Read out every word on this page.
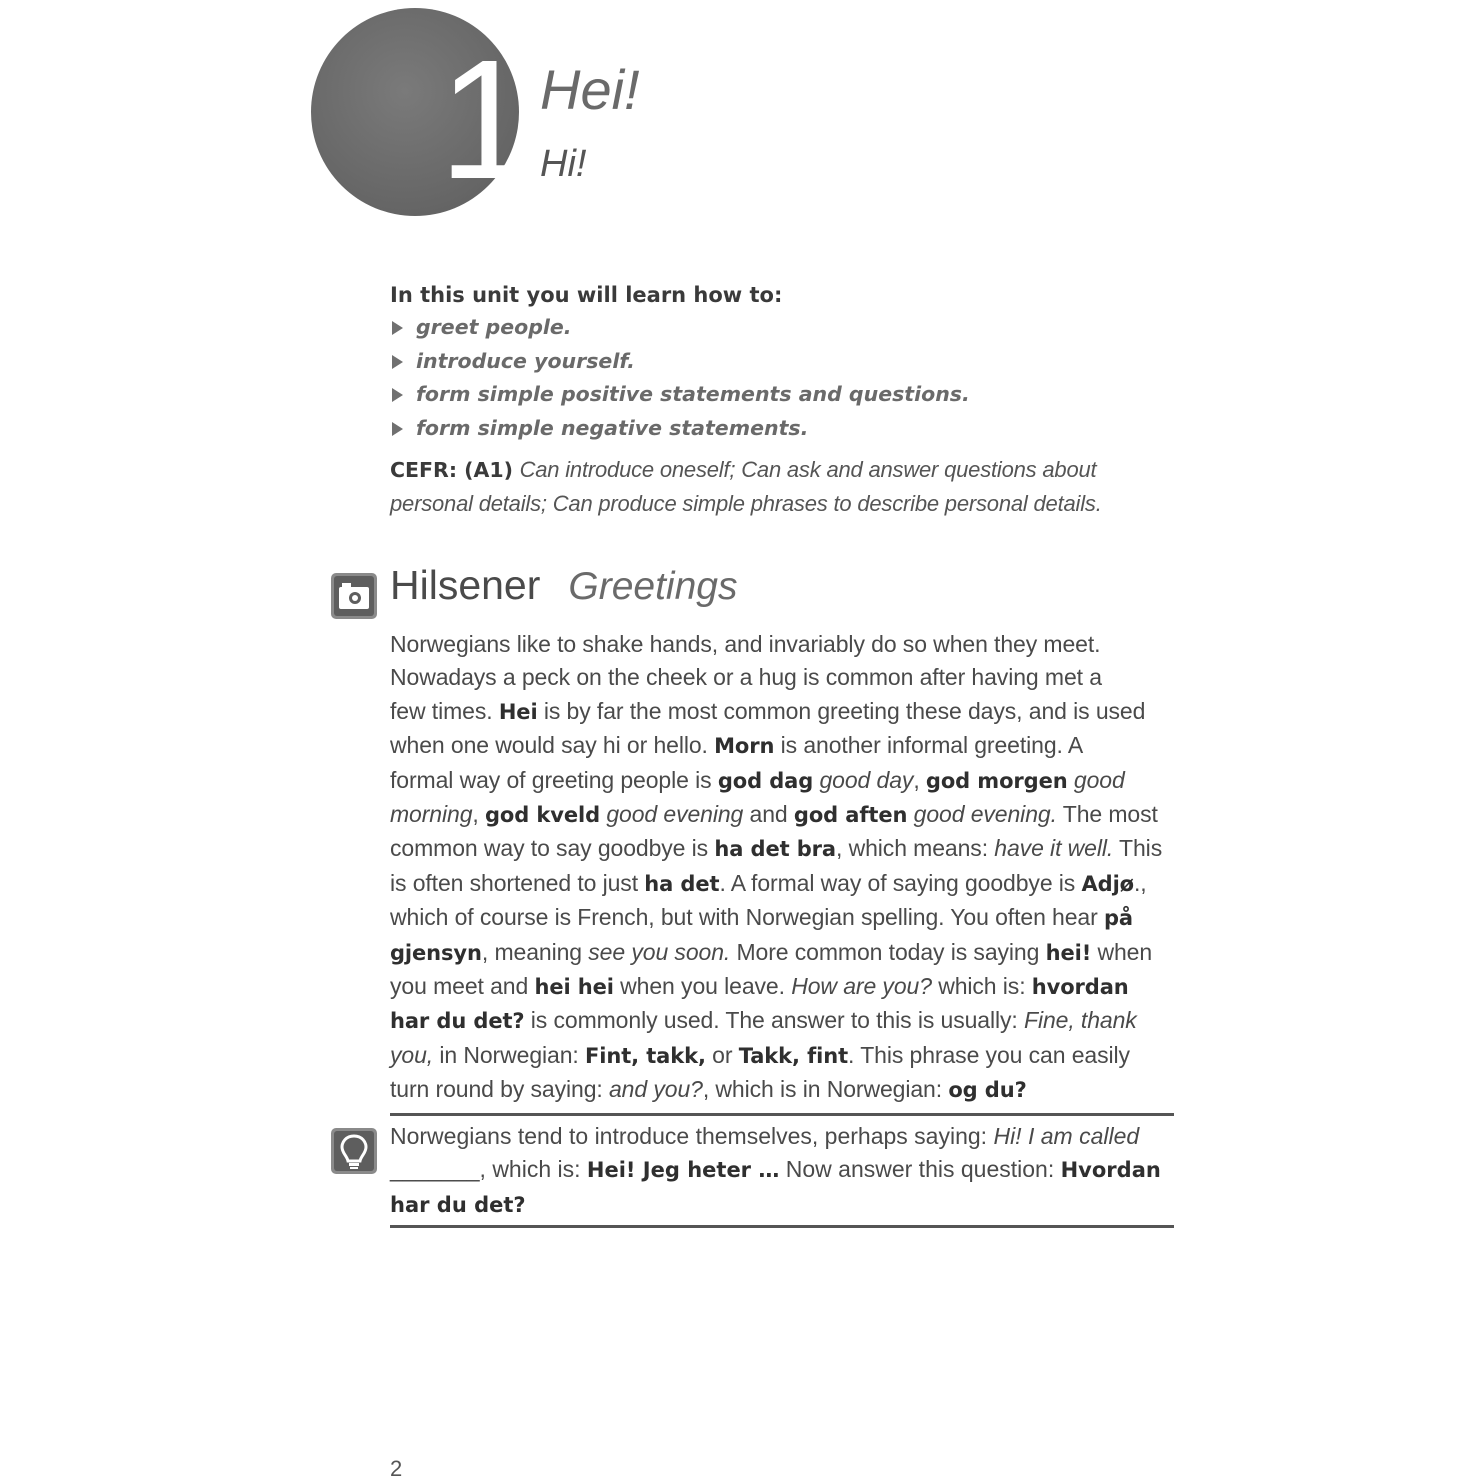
1 Hei!
Hi!

In this unit you will learn how to:

greet people.
introduce yourself.
form simple positive statements and questions.
form simple negative statements.
CEFR: (A1) Can introduce oneself; Can ask and answer questions about
personal details; Can produce simple phrases to describe personal details.
Hilsener Greetings
Norwegians like to shake hands, and invariably do so when they meet.
Nowadays a peck on the cheek or a hug is common after having met a
few times. Hei is by far the most common greeting these days, and is used
when one would say hi or hello. Morn is another informal greeting. A
formal way of greeting people is god dag good day, god morgen good
morning, god kveld good evening and god aften good evening. The most
common way to say goodbye is ha det bra, which means: have it well. This
is often shortened to just ha det. A formal way of saying goodbye is Adjø.,
which of course is French, but with Norwegian spelling. You often hear på
gjensyn, meaning see you soon. More common today is saying hei! when
you meet and hei hei when you leave. How are you? which is: hvordan
har du det? is commonly used. The answer to this is usually: Fine, thank
you, in Norwegian: Fint, takk, or Takk, fint. This phrase you can easily
turn round by saying: and you?, which is in Norwegian: og du?
Norwegians tend to introduce themselves, perhaps saying: Hi! I am called
_______, which is: Hei! Jeg heter … Now answer this question: Hvordan
har du det?
2
